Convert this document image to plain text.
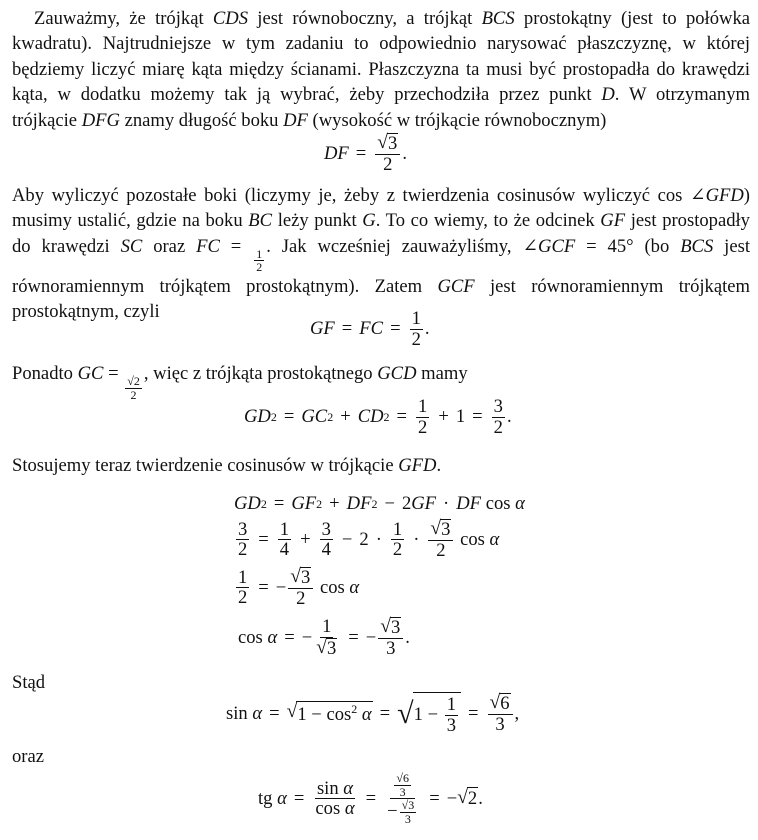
Zauważmy, że trójkąt CDS jest równoboczny, a trójkąt BCS prostokątny (jest to połówka kwadratu). Najtrudniejsze w tym zadaniu to odpowiednio narysować płaszczyznę, w której będziemy liczyć miarę kąta między ścianami. Płaszczyzna ta musi być prostopadła do krawędzi kąta, w dodatku możemy tak ją wybrać, żeby przechodziła przez punkt D. W otrzymanym trójkącie DFG znamy długość boku DF (wysokość w trójkącie równobocznym)

DF = $\frac{√ 3}{2}$ .

Aby wyliczyć pozostałe boki (liczymy je, żeby z twierdzenia cosinusów wyliczyć cos ∠GFD) musimy ustalić, gdzie na boku BC leży punkt G. To co wiemy, to że odcinek GF jest prostopadły do krawędzi SC oraz FC =
$\frac{1}{2}$
. Jak wcześniej zauważyliśmy, ∠GCF = 45° (bo BCS jest równoramiennym trójkątem prostokątnym). Zatem GCF jest równoramiennym trójkątem prostokątnym, czyli

GF = FC = $\frac{1}{2}$ .

Ponadto GC =
$\frac{√2}{2}$
, więc z trójkąta prostokątnego GCD mamy

GD 2 = GC 2 + CD $2 = \frac{1}{2} + 1 = \frac{3}{2}$ .

Stosujemy teraz twierdzenie cosinusów w trójkącie GFD.

GD 2 = GF 2 + DF 2 − 2 GF · DF
cos
α
$\frac{3}{2} = \frac{1}{4} + \frac{3}{4} - 2 \cdot \frac{1}{2} \cdot \frac{√ 3}{2}$
cos
α
$\frac{1}{2}$ = − $\frac{√ 3}{2}$
cos
α
cos
α = − $\frac{1}{√ 3}$ = − $\frac{√ 3}{3}$ .

Stąd

sin
α = √ $1 - \cos^2 \alpha$ = √ $1 - \frac{1}{3} = \frac{√ 6}{3}$ ,

oraz

tg
$\alpha = \frac{\text{sin α}}{\text{cos α}} = \frac{\frac{√6}{3}}{- \frac{√3}{3}}$ = − √ 2 .
